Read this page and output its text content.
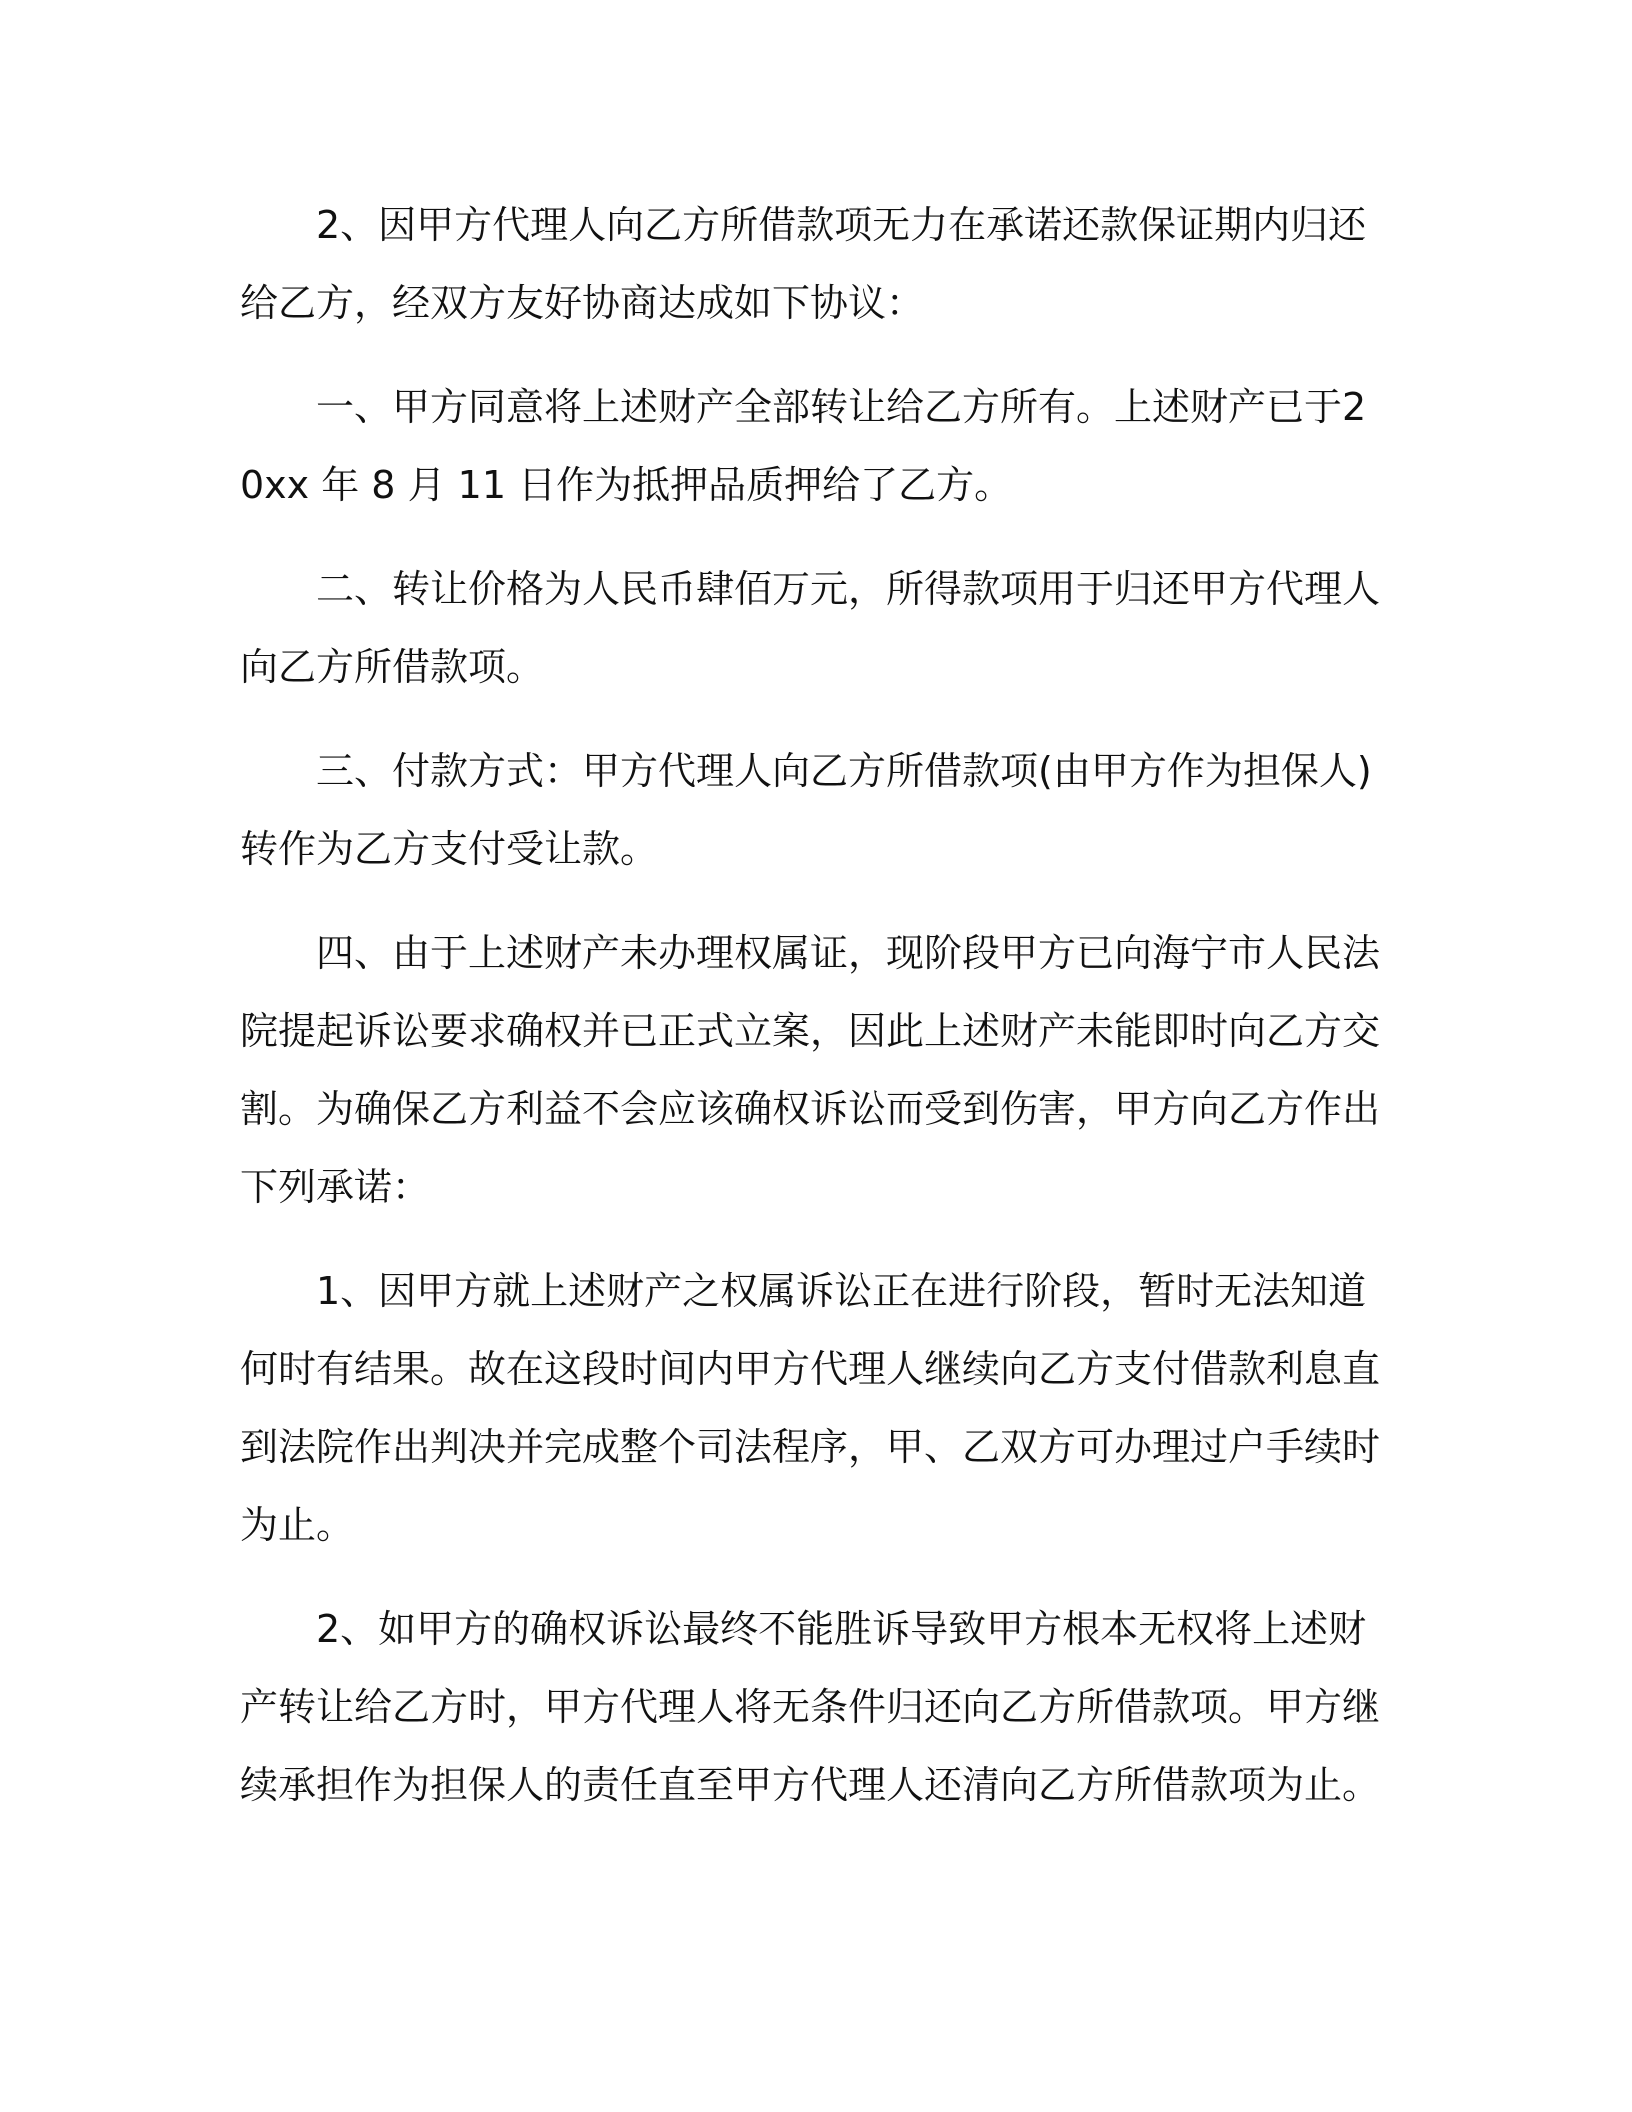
2、因甲方代理人向乙方所借款项无力在承诺还款保证期内归还给乙方，经双方友好协商达成如下协议：

一、甲方同意将上述财产全部转让给乙方所有。上述财产已于20xx 年 8 月 11 日作为抵押品质押给了乙方。

二、转让价格为人民币肆佰万元，所得款项用于归还甲方代理人向乙方所借款项。

三、付款方式：甲方代理人向乙方所借款项(由甲方作为担保人)转作为乙方支付受让款。

四、由于上述财产未办理权属证，现阶段甲方已向海宁市人民法院提起诉讼要求确权并已正式立案，因此上述财产未能即时向乙方交割。为确保乙方利益不会应该确权诉讼而受到伤害，甲方向乙方作出下列承诺：

1、因甲方就上述财产之权属诉讼正在进行阶段，暂时无法知道何时有结果。故在这段时间内甲方代理人继续向乙方支付借款利息直到法院作出判决并完成整个司法程序，甲、乙双方可办理过户手续时为止。

2、如甲方的确权诉讼最终不能胜诉导致甲方根本无权将上述财产转让给乙方时，甲方代理人将无条件归还向乙方所借款项。甲方继续承担作为担保人的责任直至甲方代理人还清向乙方所借款项为止。
